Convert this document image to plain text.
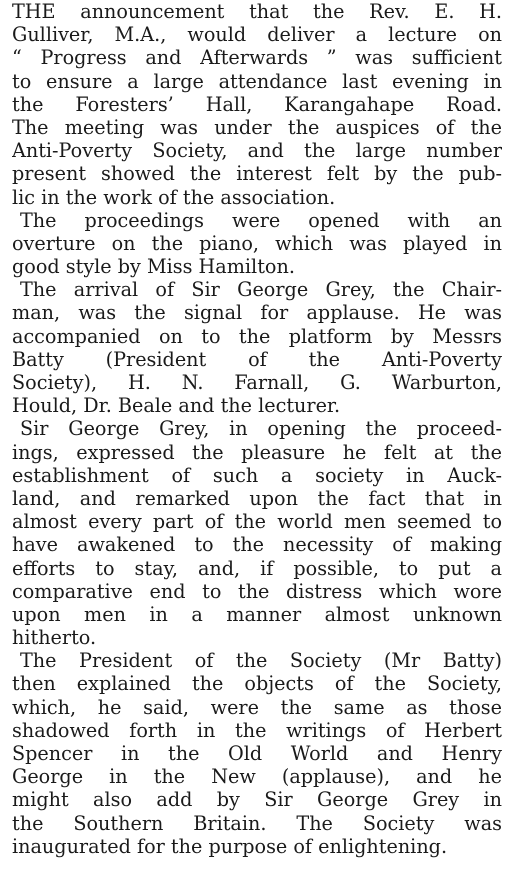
THE announcement that the Rev. E. H.
Gulliver, M.A., would deliver a lecture on
“ Progress and Afterwards ” was sufficient
to ensure a large attendance last evening in
the Foresters’ Hall, Karangahape Road.
The meeting was under the auspices of the
Anti-Poverty Society, and the large number
present showed the interest felt by the pub-
lic in the work of the association.
The proceedings were opened with an
overture on the piano, which was played in
good style by Miss Hamilton.
The arrival of Sir George Grey, the Chair-
man, was the signal for applause. He was
accompanied on to the platform by Messrs
Batty (President of the Anti-Poverty
Society), H. N. Farnall, G. Warburton,
Hould, Dr. Beale and the lecturer.
Sir George Grey, in opening the proceed-
ings, expressed the pleasure he felt at the
establishment of such a society in Auck-
land, and remarked upon the fact that in
almost every part of the world men seemed to
have awakened to the necessity of making
efforts to stay, and, if possible, to put a
comparative end to the distress which wore
upon men in a manner almost unknown
hitherto.
The President of the Society (Mr Batty)
then explained the objects of the Society,
which, he said, were the same as those
shadowed forth in the writings of Herbert
Spencer in the Old World and Henry
George in the New (applause), and he
might also add by Sir George Grey in
the Southern Britain. The Society was
inaugurated for the purpose of enlightening.
